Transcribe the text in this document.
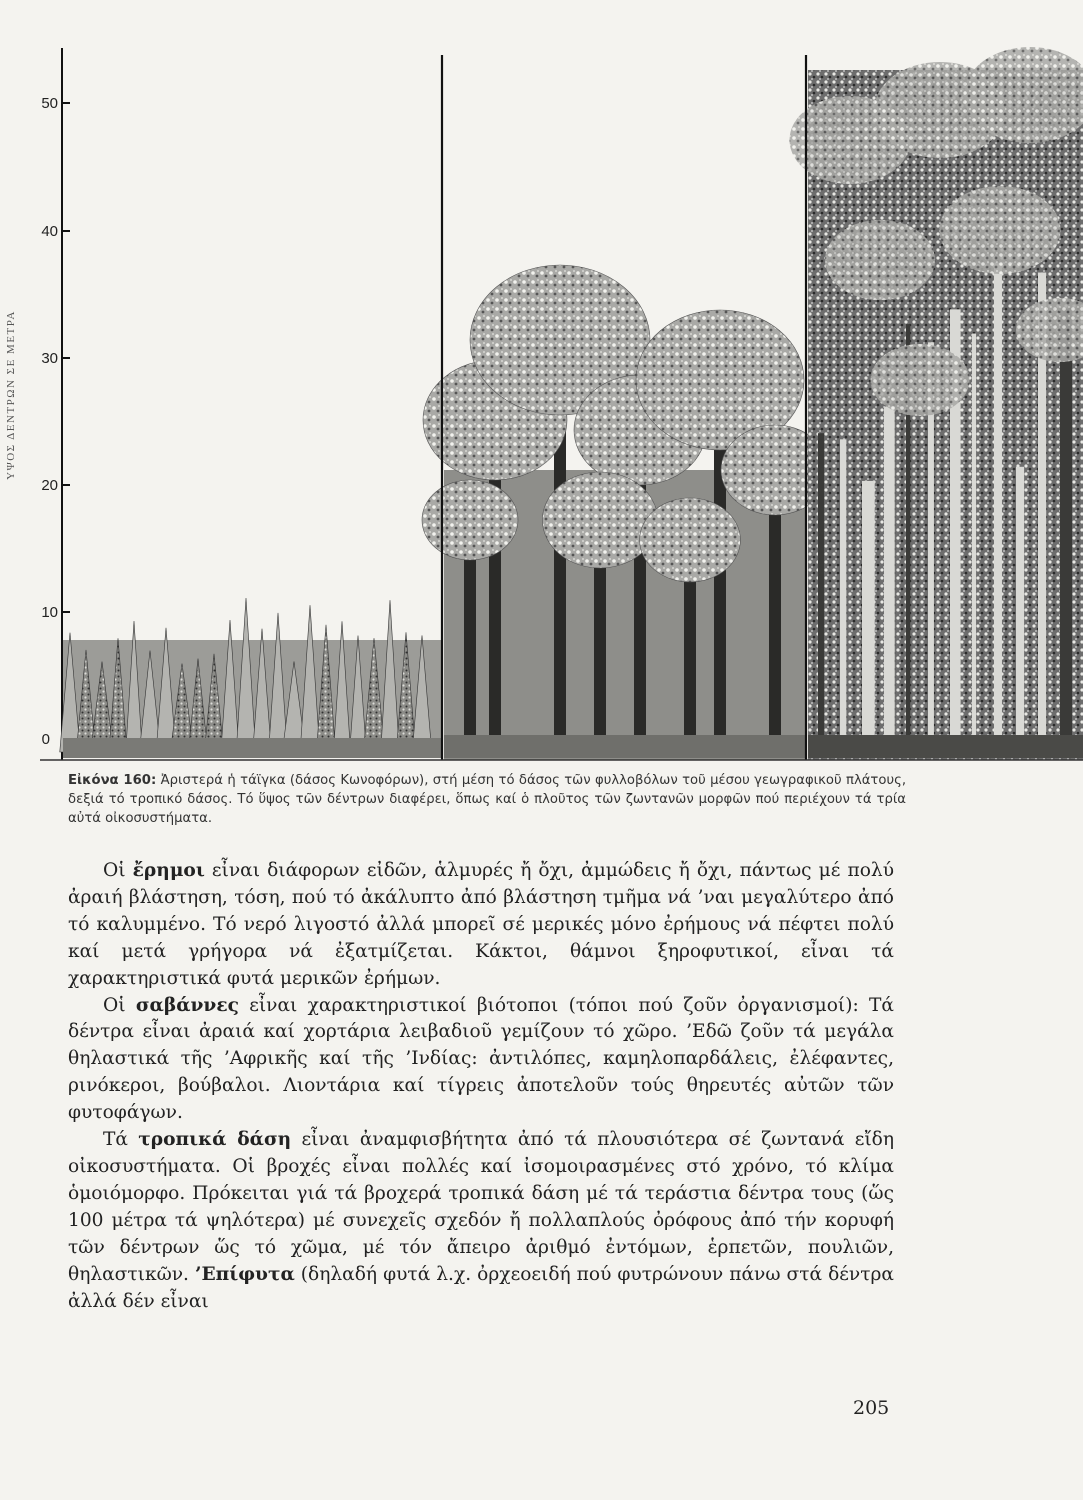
50
40
30
20
10
0
ΥΨΟΣ ΔΕΝΤΡΩΝ ΣΕ ΜΕΤΡΑ
Εἰκόνα 160: Ἀριστερά ἡ τάϊγκα (δάσος Κωνοφόρων), στή μέση τό δάσος τῶν φυλλοβόλων τοῦ μέσου γεωγραφικοῦ πλάτους, δεξιά τό τροπικό δάσος. Τό ὕψος τῶν δέντρων διαφέρει, ὅπως καί ὁ πλοῦτος τῶν ζωντανῶν μορφῶν πού περιέχουν τά τρία αὐτά οἰκοσυστήματα.

Οἱ ἔρημοι εἶναι διάφορων εἰδῶν, ἁλμυρές ἤ ὄχι, ἀμμώδεις ἤ ὄχι, πάντως μέ πολύ ἀραιή βλάστηση, τόση, πού τό ἀκάλυπτο ἀπό βλάστηση τμῆμα νά ’ναι μεγαλύτερο ἀπό τό καλυμμένο. Τό νερό λιγοστό ἀλλά μπορεῖ σέ μερικές μόνο ἐρήμους νά πέφτει πολύ καί μετά γρήγορα νά ἐξατμίζεται. Κάκτοι, θάμνοι ξηροφυτικοί, εἶναι τά χαρακτηριστικά φυτά μερικῶν ἐρήμων.

Οἱ σαβάννες εἶναι χαρακτηριστικοί βιότοποι (τόποι πού ζοῦν ὀργανισμοί): Τά δέντρα εἶναι ἀραιά καί χορτάρια λειβαδιοῦ γεμίζουν τό χῶρο. ’Εδῶ ζοῦν τά μεγάλα θηλαστικά τῆς ’Αφρικῆς καί τῆς ’Ινδίας: ἀντιλόπες, καμηλοπαρδάλεις, ἐλέφαντες, ρινόκεροι, βούβαλοι. Λιοντάρια καί τίγρεις ἀποτελοῦν τούς θηρευτές αὐτῶν τῶν φυτοφάγων.

Τά τροπικά δάση εἶναι ἀναμφισβήτητα ἀπό τά πλουσιότερα σέ ζωντανά εἴδη οἰκοσυστήματα. Οἱ βροχές εἶναι πολλές καί ἰσομοιρασμένες στό χρόνο, τό κλίμα ὁμοιόμορφο. Πρόκειται γιά τά βροχερά τροπικά δάση μέ τά τεράστια δέντρα τους (ὥς 100 μέτρα τά ψηλότερα) μέ συνεχεῖς σχεδόν ἤ πολλαπλούς ὀρόφους ἀπό τήν κορυφή τῶν δέντρων ὥς τό χῶμα, μέ τόν ἄπειρο ἀριθμό ἐντόμων, ἑρπετῶν, πουλιῶν, θηλαστικῶν. ’Επίφυτα (δηλαδή φυτά λ.χ. ὀρχεοειδή πού φυτρώνουν πάνω στά δέντρα ἀλλά δέν εἶναι

205
